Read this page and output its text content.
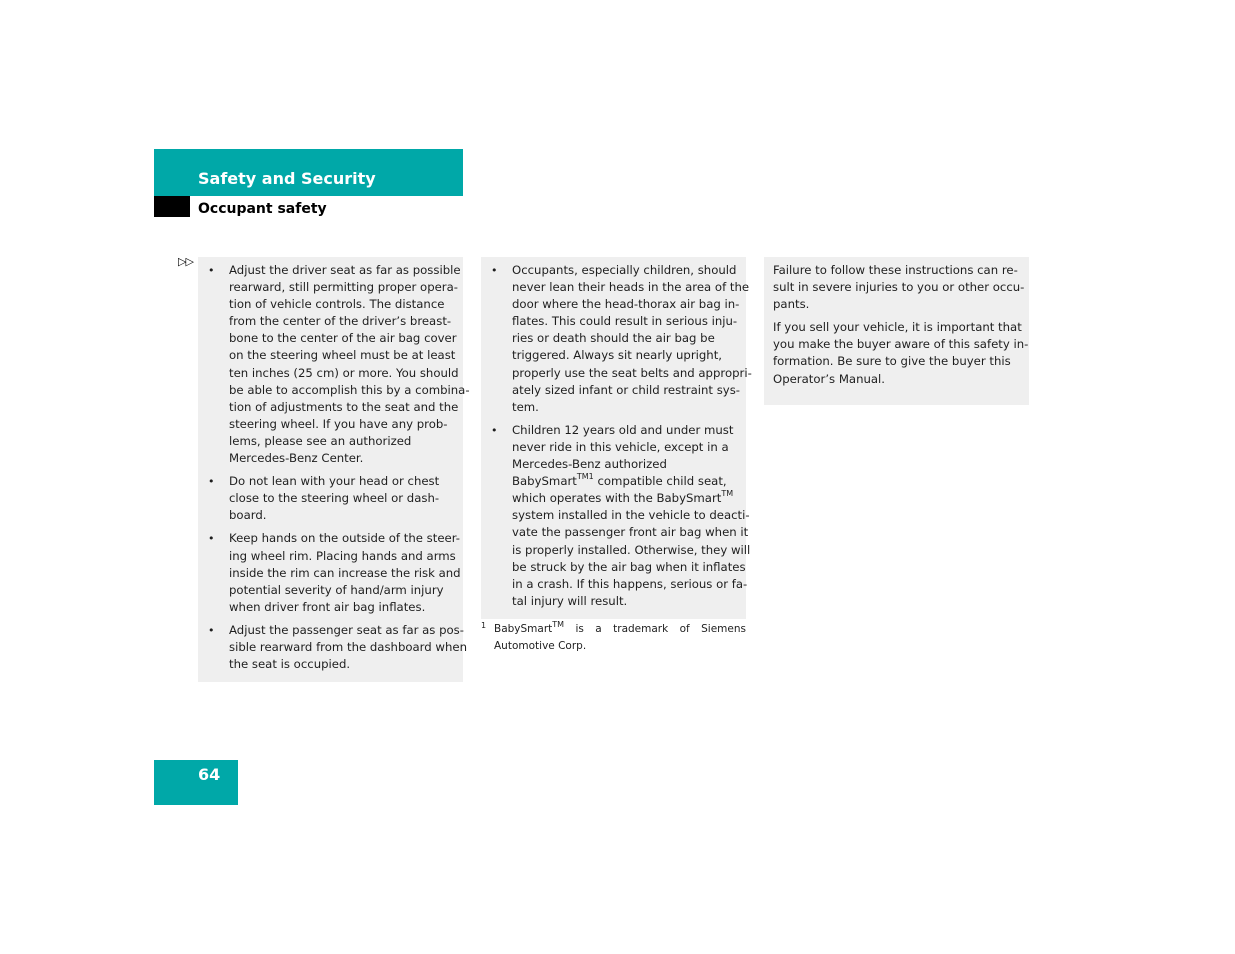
Safety and Security
Occupant safety
▷▷
• Adjust the driver seat as far as possible
rearward, still permitting proper opera-
tion of vehicle controls. The distance
from the center of the driver’s breast-
bone to the center of the air bag cover
on the steering wheel must be at least
ten inches (25 cm) or more. You should
be able to accomplish this by a combina-
tion of adjustments to the seat and the
steering wheel. If you have any prob-
lems, please see an authorized
Mercedes-Benz Center.
• Do not lean with your head or chest
close to the steering wheel or dash-
board.
• Keep hands on the outside of the steer-
ing wheel rim. Placing hands and arms
inside the rim can increase the risk and
potential severity of hand/arm injury
when driver front air bag inflates.
• Adjust the passenger seat as far as pos-
sible rearward from the dashboard when
the seat is occupied.
• Occupants, especially children, should
never lean their heads in the area of the
door where the head-thorax air bag in-
flates. This could result in serious inju-
ries or death should the air bag be
triggered. Always sit nearly upright,
properly use the seat belts and appropri-
ately sized infant or child restraint sys-
tem.
• Children 12 years old and under must
never ride in this vehicle, except in a
Mercedes-Benz authorized
BabySmart$^{TM1}$ compatible child seat,
which operates with the BabySmart™
system installed in the vehicle to deacti-
vate the passenger front air bag when it
is properly installed. Otherwise, they will
be struck by the air bag when it inflates
in a crash. If this happens, serious or fa-
tal injury will result.
1 BabySmart™ is a trademark of Siemens
Automotive Corp.

Failure to follow these instructions can re-
sult in severe injuries to you or other occu-
pants.

If you sell your vehicle, it is important that
you make the buyer aware of this safety in-
formation. Be sure to give the buyer this
Operator’s Manual.

64
